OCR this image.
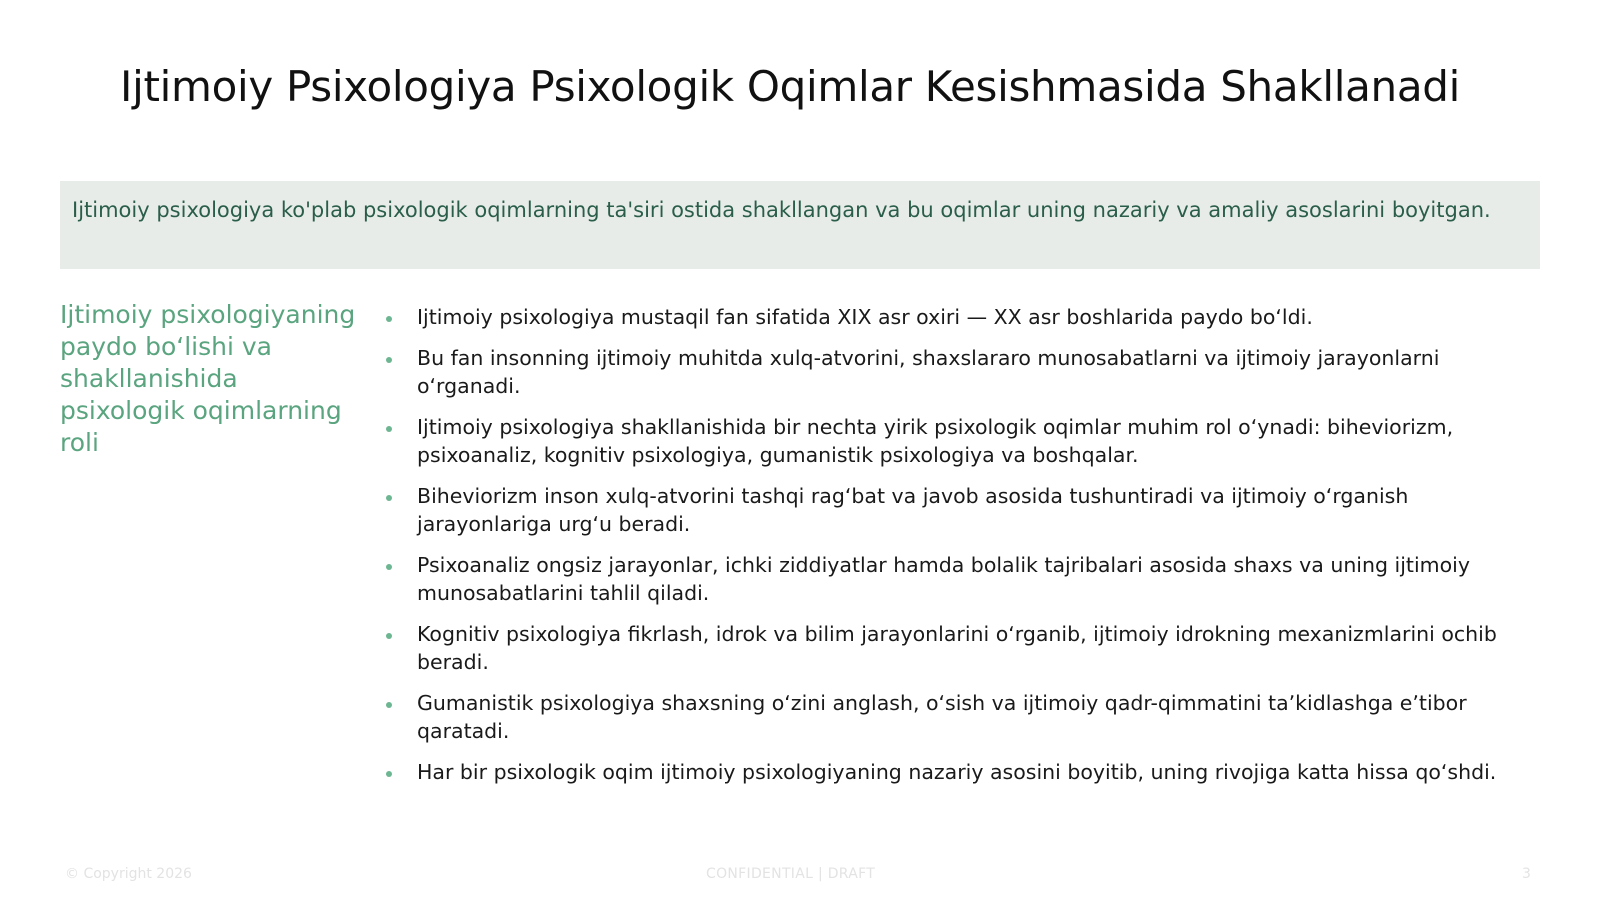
Ijtimoiy Psixologiya Psixologik Oqimlar Kesishmasida Shakllanadi
Ijtimoiy psixologiya ko'plab psixologik oqimlarning ta'siri ostida shakllangan va bu oqimlar uning nazariy va amaliy asoslarini boyitgan.
Ijtimoiy psixologiyaning paydo boʻlishi va shakllanishida psixologik oqimlarning roli
Ijtimoiy psixologiya mustaqil fan sifatida XIX asr oxiri — XX asr boshlarida paydo boʻldi.
Bu fan insonning ijtimoiy muhitda xulq-atvorini, shaxslararo munosabatlarni va ijtimoiy jarayonlarni oʻrganadi.
Ijtimoiy psixologiya shakllanishida bir nechta yirik psixologik oqimlar muhim rol oʻynadi: biheviorizm, psixoanaliz, kognitiv psixologiya, gumanistik psixologiya va boshqalar.
Biheviorizm inson xulq-atvorini tashqi ragʻbat va javob asosida tushuntiradi va ijtimoiy oʻrganish jarayonlariga urgʻu beradi.
Psixoanaliz ongsiz jarayonlar, ichki ziddiyatlar hamda bolalik tajribalari asosida shaxs va uning ijtimoiy munosabatlarini tahlil qiladi.
Kognitiv psixologiya fikrlash, idrok va bilim jarayonlarini oʻrganib, ijtimoiy idrokning mexanizmlarini ochib beradi.
Gumanistik psixologiya shaxsning oʻzini anglash, oʻsish va ijtimoiy qadr-qimmatini taʼkidlashga eʼtibor qaratadi.
Har bir psixologik oqim ijtimoiy psixologiyaning nazariy asosini boyitib, uning rivojiga katta hissa qoʻshdi.
© Copyright 2026	CONFIDENTIAL | DRAFT	3
